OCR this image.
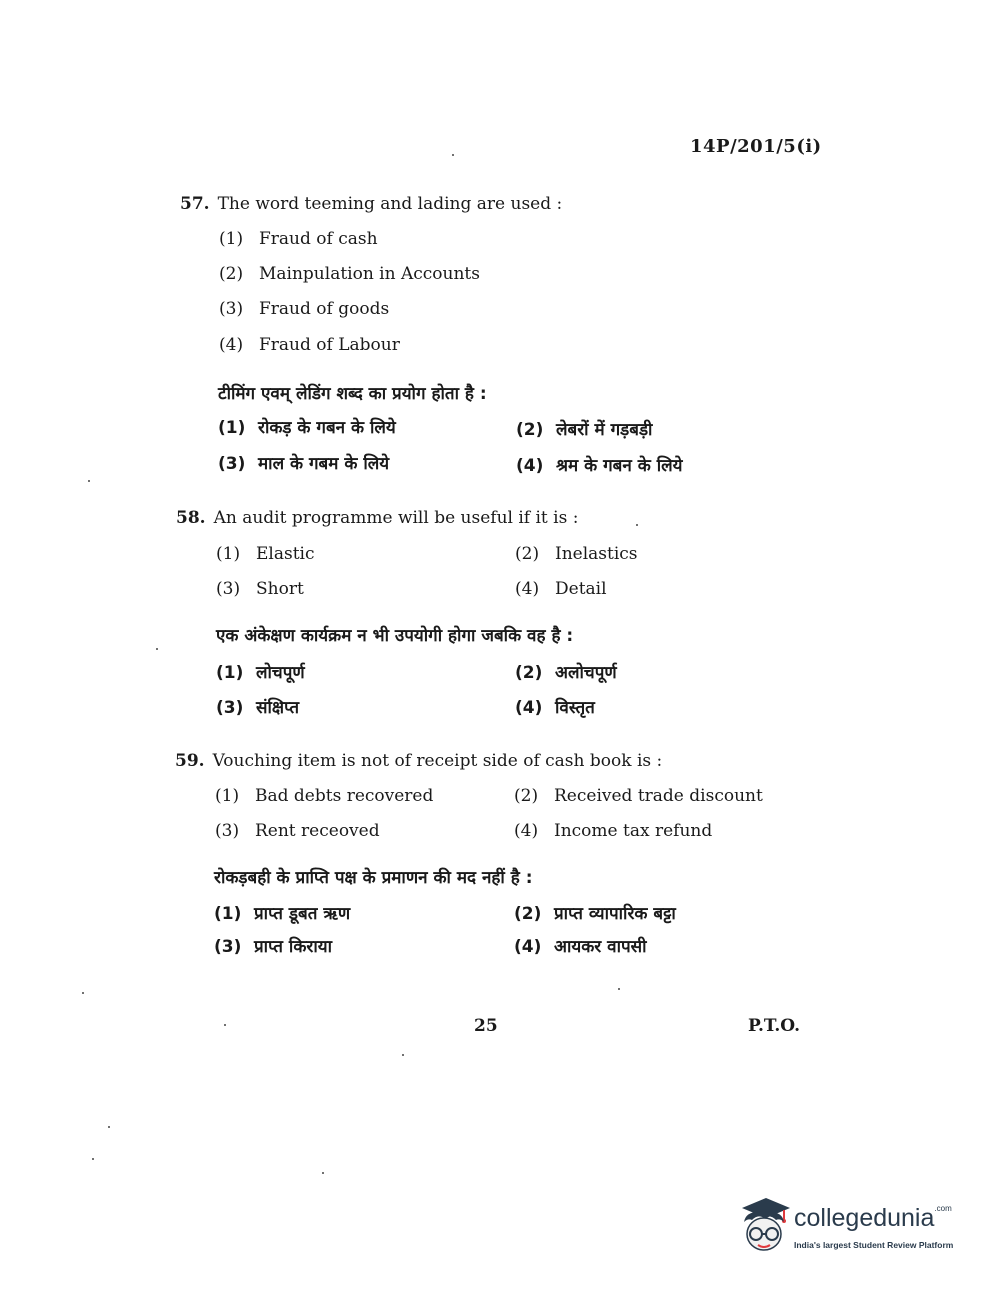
14P/201/5(i)
57. The word teeming and lading are used :
(1) Fraud of cash
(2) Mainpulation in Accounts
(3) Fraud of goods
(4) Fraud of Labour
टीमिंग एवम् लेडिंग शब्द का प्रयोग होता है :
(1) रोकड़ के गबन के लिये	(2) लेबरों में गड़बड़ी
(3) माल के गबम के लिये	(4) श्रम के गबन के लिये
58. An audit programme will be useful if it is :
(1) Elastic	(2) Inelastics
(3) Short	(4) Detail
एक अंकेक्षण कार्यक्रम न भी उपयोगी होगा जबकि वह है :
(1) लोचपूर्ण	(2) अलोचपूर्ण
(3) संक्षिप्त	(4) विस्तृत
59. Vouching item is not of receipt side of cash book is :
(1) Bad debts recovered	(2) Received trade discount
(3) Rent receoved	(4) Income tax refund
रोकड़बही के प्राप्ति पक्ष के प्रमाणन की मद नहीं है :
(1) प्राप्त डूबत ऋण	(2) प्राप्त व्यापारिक बट्टा
(3) प्राप्त किराया	(4) आयकर वापसी
25	P.T.O.
collegedunia$^{.com}$
India's largest Student Review Platform
